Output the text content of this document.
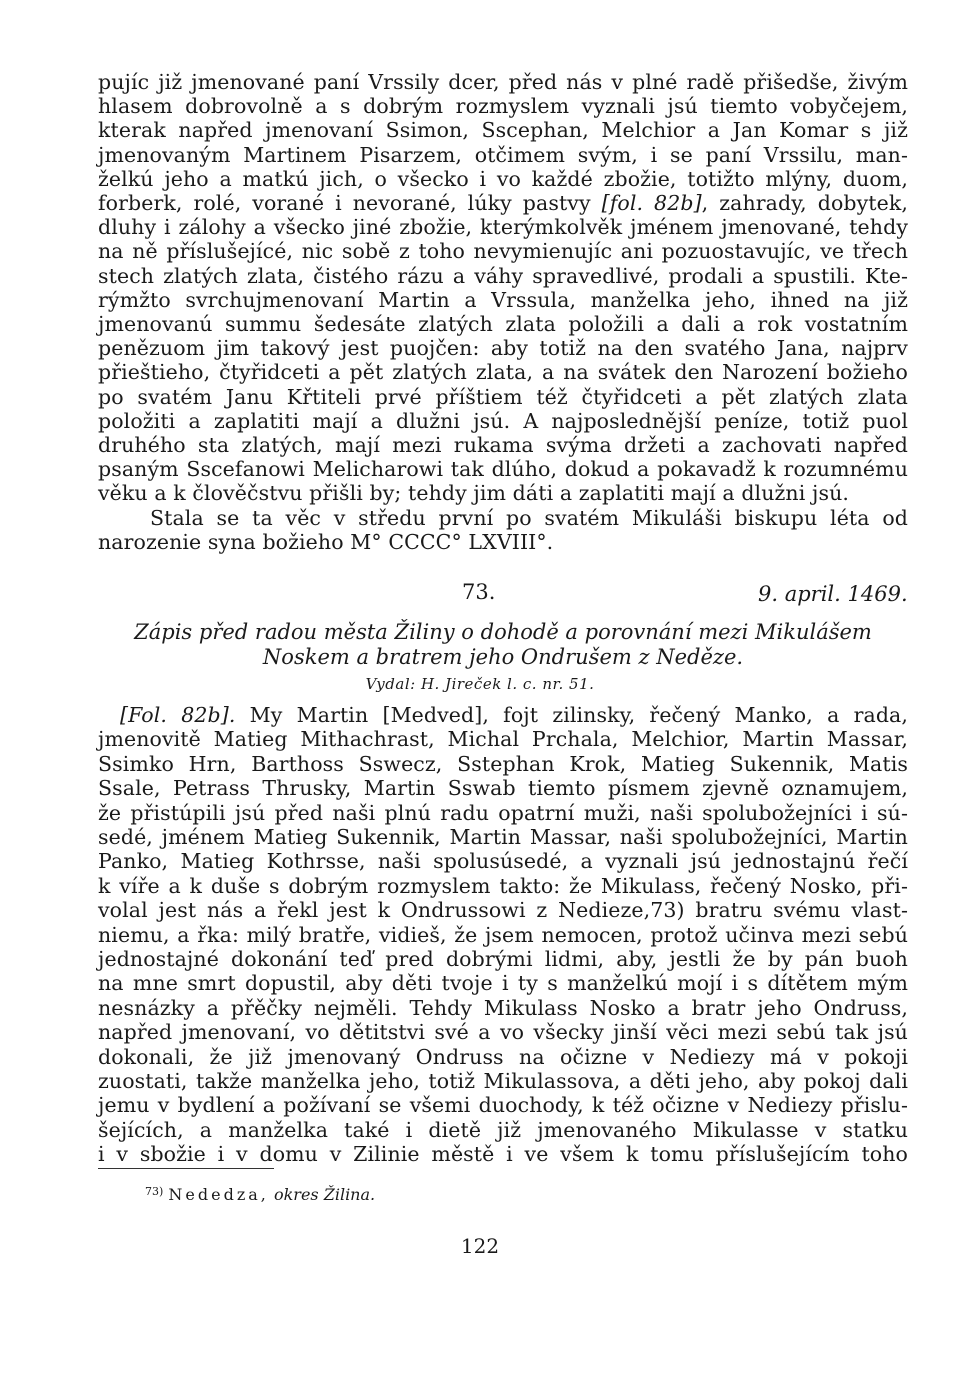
pujíc již jmenované paní Vrssily dcer, před nás v plné radě přišedše, živým
hlasem dobrovolně a s dobrým rozmyslem vyznali jsú tiemto vobyčejem,
kterak napřed jmenovaní Ssimon, Sscephan, Melchior a Jan Komar s již
jmenovaným Martinem Pisarzem, otčimem svým, i se paní Vrssilu, man-
želkú jeho a matkú jich, o všecko i vo každé zbožie, totižto mlýny, duom,
forberk, rolé, vorané i nevorané, lúky pastvy [fol. 82b], zahrady, dobytek,
dluhy i zálohy a všecko jiné zbožie, kterýmkolvěk jménem jmenované, tehdy
na ně příslušejícé, nic sobě z toho nevymienujíc ani pozuostavujíc, ve třech
stech zlatých zlata, čistého rázu a váhy spravedlivé, prodali a spustili. Kte-
rýmžto svrchujmenovaní Martin a Vrssula, manželka jeho, ihned na již
jmenovanú summu šedesáte zlatých zlata položili a dali a rok vostatním
penězuom jim takový jest puojčen: aby totiž na den svatého Jana, najprv
přieštieho, čtyřidceti a pět zlatých zlata, a na svátek den Narození božieho
po svatém Janu Křtiteli prvé příštiem též čtyřidceti a pět zlatých zlata
položiti a zaplatiti mají a dlužni jsú. A najposlednější peníze, totiž puol
druhého sta zlatých, mají mezi rukama svýma držeti a zachovati napřed
psaným Sscefanowi Melicharowi tak dlúho, dokud a pokavadž k rozumnému
věku a k člověčstvu přišli by; tehdy jim dáti a zaplatiti mají a dlužni jsú.
Stala se ta věc v středu první po svatém Mikuláši biskupu léta od
narozenie syna božieho M° CCCC° LXVIII°.
73.	9. april. 1469.
Zápis před radou města Žiliny o dohodě a porovnání mezi Mikulášem
Noskem a bratrem jeho Ondrušem z Neděze.
Vydal: H. Jireček l. c. nr. 51.
[Fol. 82b]. My Martin [Medved], fojt zilinsky, řečený Manko, a rada,
jmenovitě Matieg Mithachrast, Michal Prchala, Melchior, Martin Massar,
Ssimko Hrn, Barthoss Sswecz, Sstephan Krok, Matieg Sukennik, Matis
Ssale, Petrass Thrusky, Martin Sswab tiemto písmem zjevně oznamujem,
že přistúpili jsú před naši plnú radu opatrní muži, naši spolubožejníci i sú-
sedé, jménem Matieg Sukennik, Martin Massar, naši spolubožejníci, Martin
Panko, Matieg Kothrsse, naši spolusúsedé, a vyznali jsú jednostajnú řečí
k víře a k duše s dobrým rozmyslem takto: že Mikulass, řečený Nosko, při-
volal jest nás a řekl jest k Ondrussowi z Nedieze,73) bratru svému vlast-
niemu, a řka: milý bratře, vidieš, že jsem nemocen, protož učinva mezi sebú
jednostajné dokonání teď pred dobrými lidmi, aby, jestli že by pán buoh
na mne smrt dopustil, aby děti tvoje i ty s manželkú mojí i s dítětem mým
nesnázky a přěčky nejměli. Tehdy Mikulass Nosko a bratr jeho Ondruss,
napřed jmenovaní, vo dětitstvi své a vo všecky jinší věci mezi sebú tak jsú
dokonali, že již jmenovaný Ondruss na očizne v Nediezy má v pokoji
zuostati, takže manželka jeho, totiž Mikulassova, a děti jeho, aby pokoj dali
jemu v bydlení a požívaní se všemi duochody, k též očizne v Nediezy přislu-
šejících, a manželka také i dietě již jmenovaného Mikulasse v statku
i v sbožie i v domu v Zilinie městě i ve všem k tomu příslušejícím toho
$^{73)}$ Nededza, okres Žilina.
122
